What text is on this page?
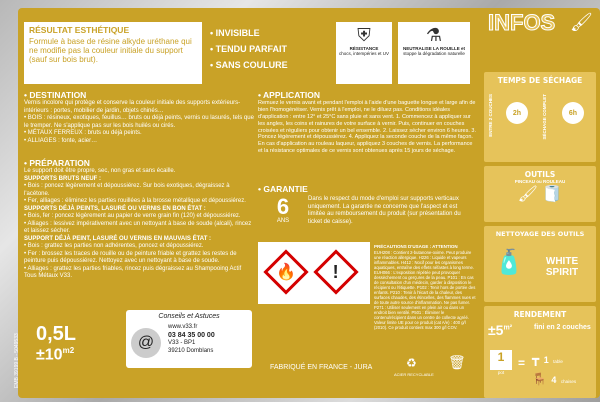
RÉSULTAT ESTHÉTIQUE
Formule à base de résine alkyde uréthane qui ne modifie pas la couleur initiale du support (sauf sur bois brut).
• INVISIBLE
• TENDU PARFAIT
• SANS COULURE
⛨
RÉSISTANCE
chocs, intempéries et UV
⚗
NEUTRALISE LA ROUILLE et
stoppe la dégradation naturelle
• DESTINATION
Vernis incolore qui protège et conserve la couleur initiale des supports extérieurs-intérieurs : portes, mobilier de jardin, objets chinés…
• BOIS : résineux, exotiques, feuillus… bruts ou déjà peints, vernis ou lasurés, tels que le tremper. Ne s'applique pas sur les bois huilés ou cirés.
• MÉTAUX FERREUX : bruts ou déjà peints.
• ALLIAGES : fonte, acier…
• PRÉPARATION
Le support doit être propre, sec, non gras et sans écaille.
SUPPORTS BRUTS NEUF :
• Bois : poncez légèrement et dépoussiérez. Sur bois exotiques, dégraissez à l'acétone.
• Fer, alliages : éliminez les parties rouillées à la brosse métallique et dépoussiérez.
SUPPORTS DÉJÀ PEINTS, LASURÉ OU VERNIS EN BON ÉTAT :
• Bois, fer : poncez légèrement au papier de verre grain fin (120) et dépoussiérez.
• Alliages : lessivez impérativement avec un nettoyant à base de soude (alcali), rincez et laissez sécher.
SUPPORT DÉJÀ PEINT, LASURÉ OU VERNIS EN MAUVAIS ÉTAT :
• Bois : grattez les parties non adhérentes, poncez et dépoussiérez.
• Fer : brossez les traces de rouille ou de peinture friable et grattez les restes de peinture puis dépoussiérez. Nettoyez avec un nettoyant à base de soude.
• Alliages : grattez les parties friables, rincez puis dégraissez au Shampooing Actif Tous Métaux V33.
EMB 39199 B - 5049533 0,5L
$\pm 10^{m2}$
Conseils et Astuces
@
www.v33.fr
03 84 35 00 00
V33 - BP1
39210 Domblans
• APPLICATION
Remuez le vernis avant et pendant l'emploi à l'aide d'une baguette longue et large afin de bien l'homogénéiser. Vernis prêt à l'emploi, ne le diluez pas. Conditions idéales d'application : entre 12° et 25°C sans pluie et sans vent. 1. Commencez à appliquer sur les angles, les coins et rainures de votre surface à vernir. Puis, continuer en couches croisées et réguliers pour obtenir un bel ensemble. 2. Laissez sécher environ 6 heures. 3. Poncez légèrement et dépoussiérez. 4. Appliquez la seconde couche de la même façon. En cas d'application au rouleau laqueur, appliquez 3 couches de vernis. La performance et la résistance optimales de ce vernis sont obtenues après 15 jours de séchage.
• GARANTIE
6
ANS
Dans le respect du mode d'emploi sur supports verticaux uniquement. La garantie ne concerne que l'aspect et est limitée au remboursement du produit (sur présentation du ticket de caisse).
🔥 !
PRÉCAUTIONS D'USAGE : ATTENTION
EUH208 : Contient 2-butanone-oxime. Peut produire une réaction allergique. H226 : Liquide et vapeurs inflammables. H412 : Nocif pour les organismes aquatiques, entraîne des effets néfastes à long terme. EUH066 : L'exposition répétée peut provoquer dessèchement ou gerçures de la peau. P101 : En cas de consultation d'un médecin, garder à disposition le récipient ou l'étiquette. P102 : Tenir hors de portée des enfants. P210 : Tenir à l'écart de la chaleur, des surfaces chaudes, des étincelles, des flammes nues et de toute autre source d'inflammation. Ne pas fumer. P271 : Utiliser seulement en plein air ou dans un endroit bien ventilé. P501 : Éliminer le contenu/récipient dans un centre de collecte agréé. Valeur limite UE pour ce produit (cat A/e) : 400 g/l (2010). Ce produit contient max 300 g/l COV.
FABRIQUÉ EN FRANCE - JURA	♻
ACIER RECYCLABLE
🗑
INFOS 🖌
TEMPS DE SÉCHAGE
ENTRE 2 COUCHES	2h	SÉCHAGE COMPLET	6h
OUTILS
PINCEAU ou ROULEAU
🖌 🧻
NETTOYAGE DES OUTILS
🧴	WHITE SPIRIT
RENDEMENT
$\pm 5^{m^2}$	fini en 2 couches
1
pot
= ┳ 1 table
🪑 4 chaises
